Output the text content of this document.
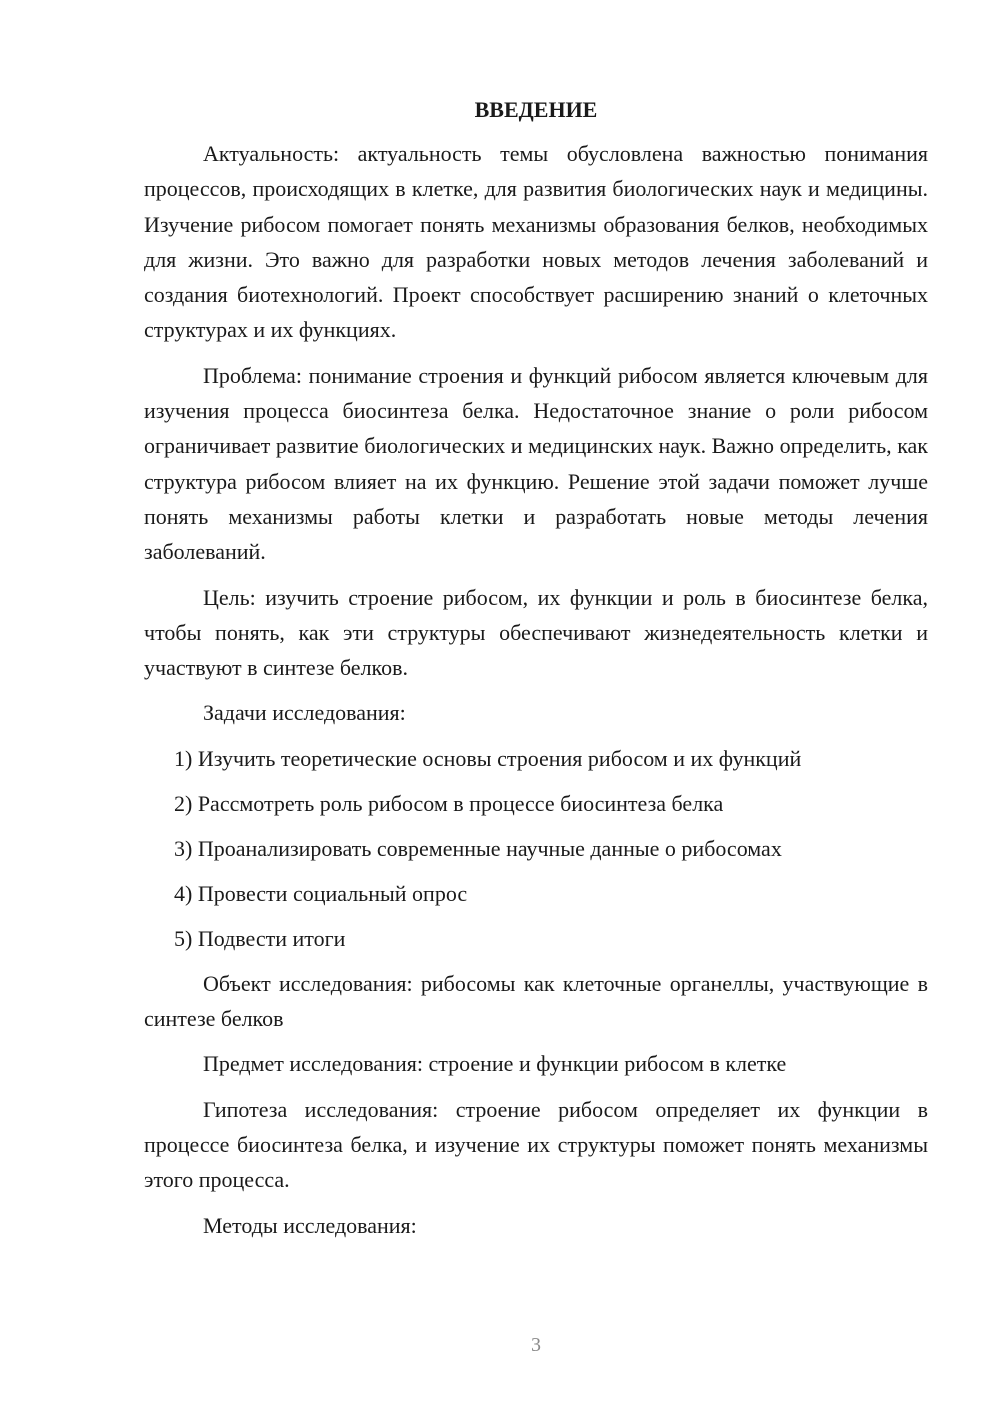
ВВЕДЕНИЕ

Актуальность: актуальность темы обусловлена важностью понимания процессов, происходящих в клетке, для развития биологических наук и медицины. Изучение рибосом помогает понять механизмы образования белков, необходимых для жизни. Это важно для разработки новых методов лечения заболеваний и создания биотехнологий. Проект способствует расширению знаний о клеточных структурах и их функциях.

Проблема: понимание строения и функций рибосом является ключевым для изучения процесса биосинтеза белка. Недостаточное знание о роли рибосом ограничивает развитие биологических и медицинских наук. Важно определить, как структура рибосом влияет на их функцию. Решение этой задачи поможет лучше понять механизмы работы клетки и разработать новые методы лечения заболеваний.

Цель: изучить строение рибосом, их функции и роль в биосинтезе белка, чтобы понять, как эти структуры обеспечивают жизнедеятельность клетки и участвуют в синтезе белков.

Задачи исследования:

1) Изучить теоретические основы строения рибосом и их функций

2) Рассмотреть роль рибосом в процессе биосинтеза белка

3) Проанализировать современные научные данные о рибосомах

4) Провести социальный опрос

5) Подвести итоги

Объект исследования: рибосомы как клеточные органеллы, участвующие в синтезе белков

Предмет исследования: строение и функции рибосом в клетке

Гипотеза исследования: строение рибосом определяет их функции в процессе биосинтеза белка, и изучение их структуры поможет понять механизмы этого процесса.

Методы исследования:

3
